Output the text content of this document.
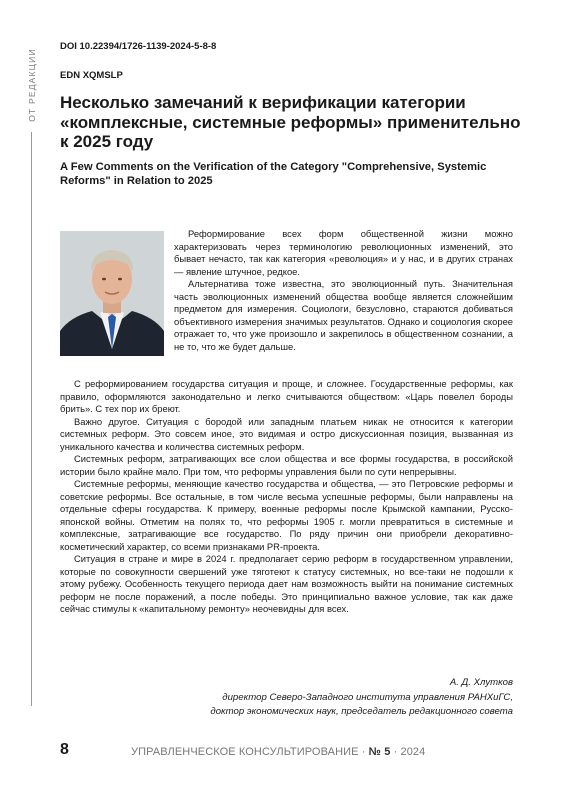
ОТ РЕДАКЦИИ
DOI 10.22394/1726-1139-2024-5-8-8
EDN XQMSLP
Несколько замечаний к верификации категории «комплексные, системные реформы» применительно к 2025 году
A Few Comments on the Verification of the Category "Comprehensive, Systemic Reforms" in Relation to 2025

Реформирование всех форм общественной жизни можно характеризовать через терминологию революционных изменений, это бывает нечасто, так как категория «революция» и у нас, и в других странах — явление штучное, редкое.

Альтернатива тоже известна, это эволюционный путь. Значительная часть эволюционных изменений общества вообще является сложнейшим предметом для измерения. Социологи, безусловно, стараются добиваться объективного измерения значимых результатов. Однако и социология скорее отражает то, что уже произошло и закрепилось в общественном сознании, а не то, что же будет дальше.

С реформированием государства ситуация и проще, и сложнее. Государственные реформы, как правило, оформляются законодательно и легко считываются обществом: «Царь повелел бороды брить». С тех пор их бреют.

Важно другое. Ситуация с бородой или западным платьем никак не относится к категории системных реформ. Это совсем иное, это видимая и остро дискуссионная позиция, вызванная из уникального качества и количества системных реформ.

Системных реформ, затрагивающих все слои общества и все формы государства, в российской истории было крайне мало. При том, что реформы управления были по сути непрерывны.

Системные реформы, меняющие качество государства и общества, — это Петровские реформы и советские реформы. Все остальные, в том числе весьма успешные реформы, были направлены на отдельные сферы государства. К примеру, военные реформы после Крымской кампании, Русско-японской войны. Отметим на полях то, что реформы 1905 г. могли превратиться в системные и комплексные, затрагивающие все государство. По ряду причин они приобрели декоративно-косметический характер, со всеми признаками PR-проекта.

Ситуация в стране и мире в 2024 г. предполагает серию реформ в государственном управлении, которые по совокупности свершений уже тяготеют к статусу системных, но все-таки не подошли к этому рубежу. Особенность текущего периода дает нам возможность выйти на понимание системных реформ не после поражений, а после победы. Это принципиально важное условие, так как даже сейчас стимулы к «капитальному ремонту» неочевидны для всех.

А. Д. Хлутков
директор Северо-Западного института управления РАНХиГС,
доктор экономических наук, председатель редакционного совета
8	УПРАВЛЕНЧЕСКОЕ КОНСУЛЬТИРОВАНИЕ · № 5 · 2024
